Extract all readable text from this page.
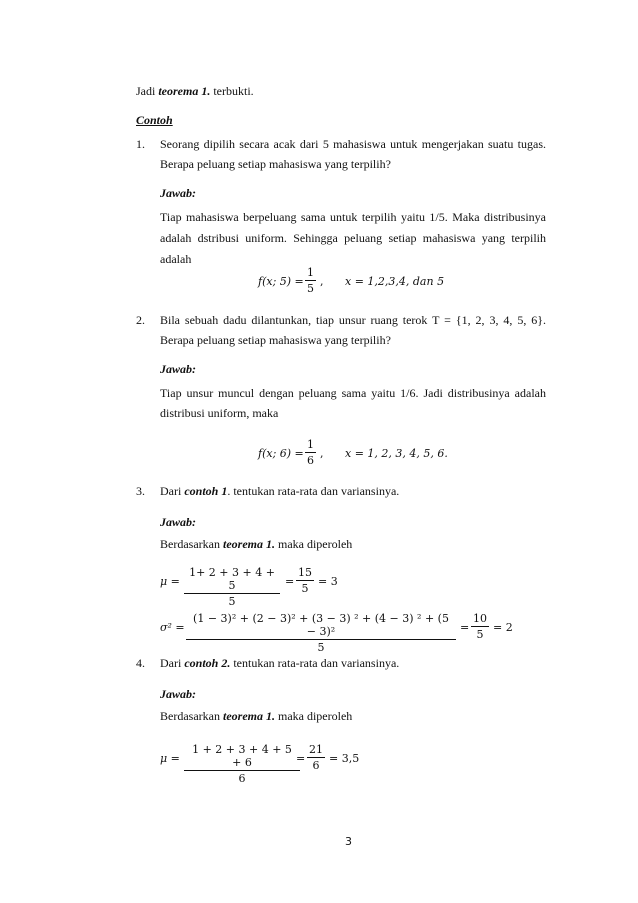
Jadi teorema 1. terbukti.
Contoh
1. Seorang dipilih secara acak dari 5 mahasiswa untuk mengerjakan suatu tugas.
Berapa peluang setiap mahasiswa yang terpilih?
Jawab:
Tiap mahasiswa berpeluang sama untuk terpilih yaitu 1/5. Maka distribusinya
adalah dstribusi uniform. Sehingga peluang setiap mahasiswa yang terpilih
adalah
f(x; $5) = \frac{1}{5}$ , x = 1,2,3,4, dan 5
2. Bila sebuah dadu dilantunkan, tiap unsur ruang terok T = {1, 2, 3, 4, 5, 6}.
Berapa peluang setiap mahasiswa yang terpilih?
Jawab:
Tiap unsur muncul dengan peluang sama yaitu 1/6. Jadi distribusinya adalah
distribusi uniform, maka
f(x; $6) = \frac{1}{6}$ , x = 1, 2, 3, 4, 5, 6.
3. Dari contoh 1. tentukan rata-rata dan variansinya.
Jawab:
Berdasarkan teorema 1. maka diperoleh
$\mu = \frac{1+ 2 + 3 + 4 + 5}{5} = \frac{15}{5} = 3$
$\sigma^2 = \frac{\text{(1 − 3)² + (2 − 3)² + (3 − 3) ² + (4 − 3) ² + (5 − 3)²}}{5} = \frac{10}{5} = 2$
4. Dari contoh 2. tentukan rata-rata dan variansinya.
Jawab:
Berdasarkan teorema 1. maka diperoleh
$\mu = \frac{1 + 2 + 3 + 4 + 5 + 6}{6}$
= $\frac{21}{6} = 3,5$
3
